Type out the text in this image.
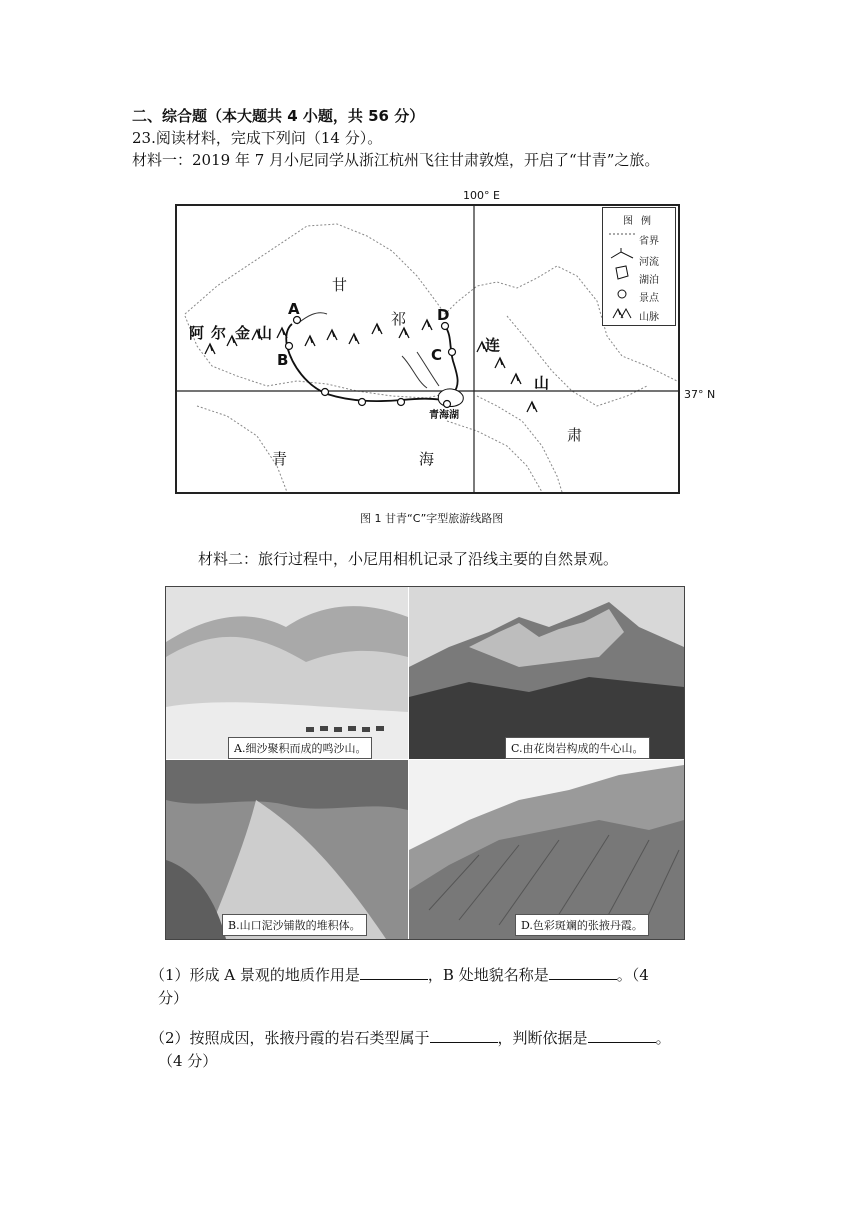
二、综合题（本大题共 4 小题，共 56 分）
23.阅读材料，完成下列问（14 分）。
材料一：2019 年 7 月小尼同学从浙江杭州飞往甘肃敦煌，开启了“甘青”之旅。
100° E
甘
祁
连
山
肃
青	海
青海湖
阿 尔 金 山
A
B	C
D
图例
省界
河流
湖泊
景点
山脉
37° N
图 1 甘青“C”字型旅游线路图
材料二：旅行过程中，小尼用相机记录了沿线主要的自然景观。
A.细沙聚积而成的鸣沙山。	C.由花岗岩构成的牛心山。
B.山口泥沙铺散的堆积体。	D.色彩斑斓的张掖丹霞。
（1）形成 A 景观的地质作用是	，B 处地貌名称是	。（4
分）
（2）按照成因，张掖丹霞的岩石类型属于	，判断依据是	。
（4 分）
